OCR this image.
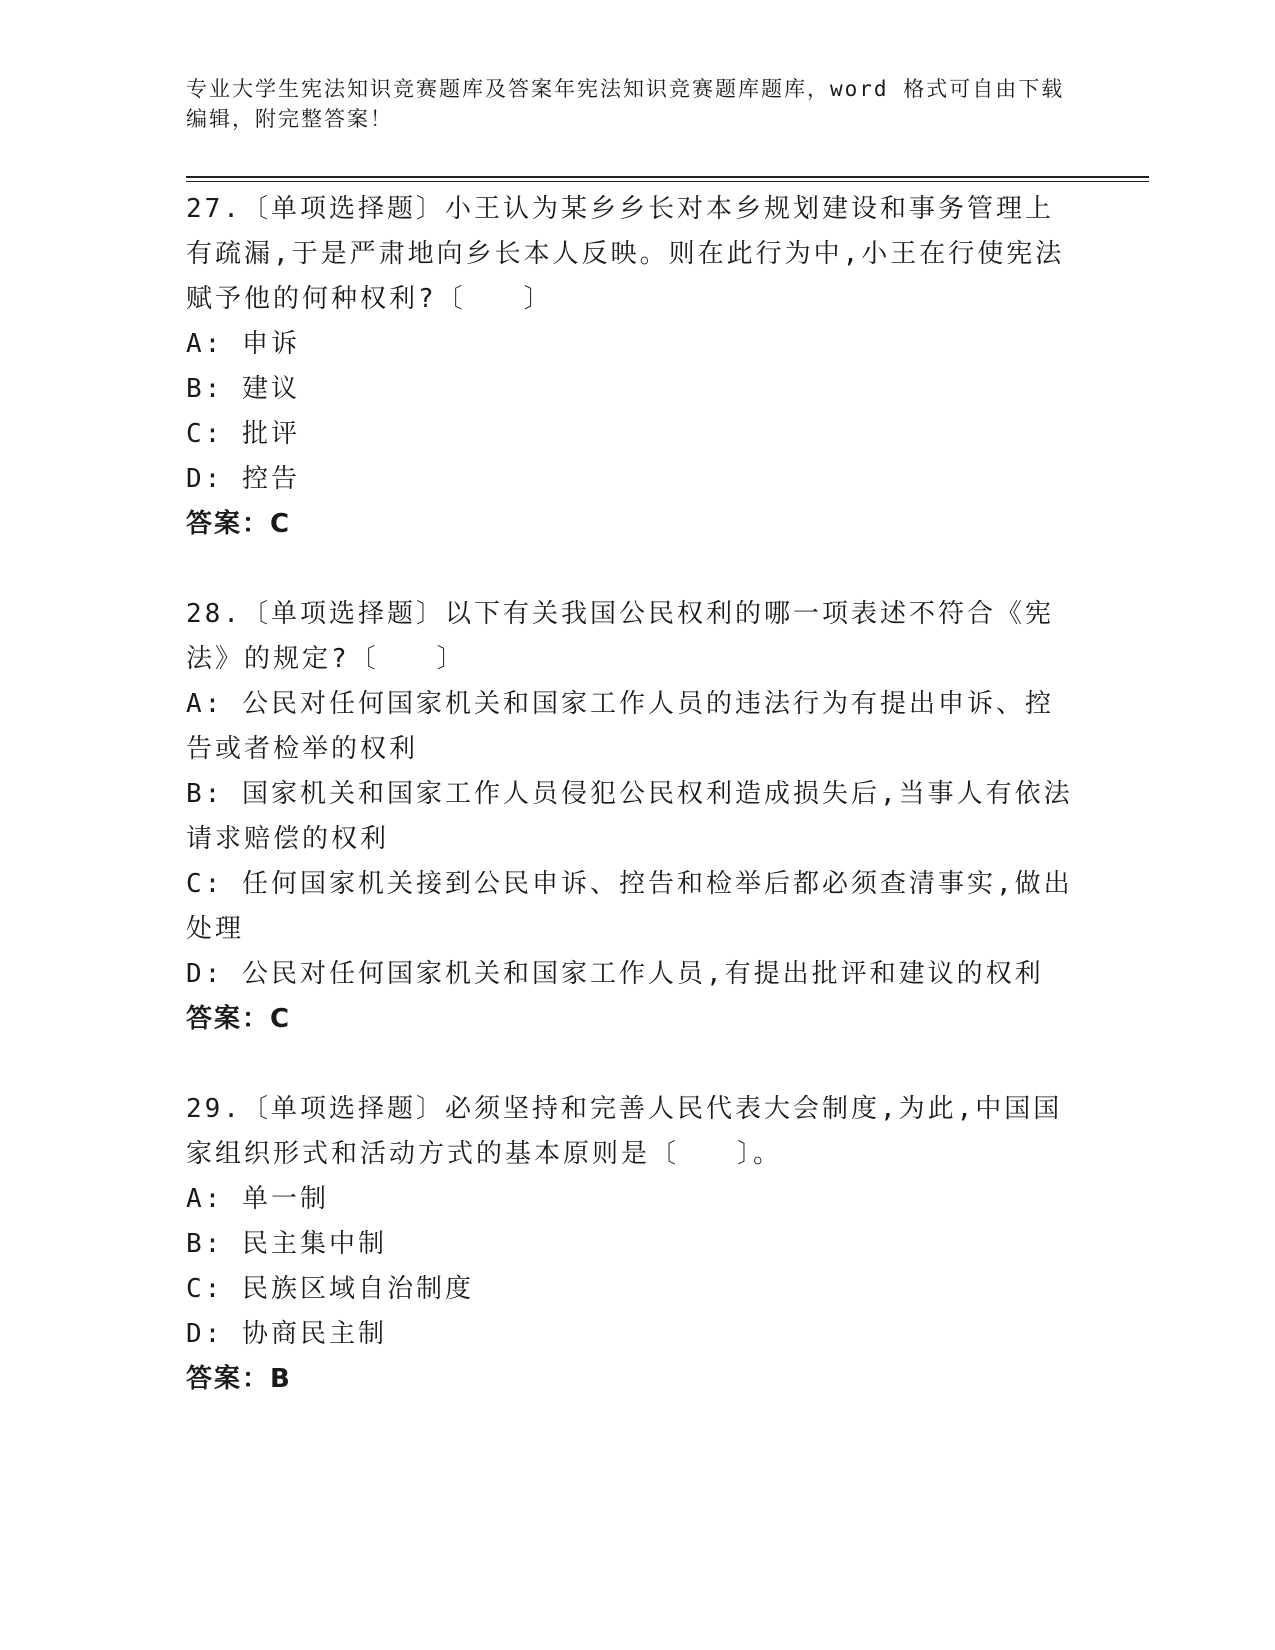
专业大学生宪法知识竞赛题库及答案年宪法知识竞赛题库题库，word 格式可自由下载编辑，附完整答案！

27.〔单项选择题〕小王认为某乡乡长对本乡规划建设和事务管理上有疏漏,于是严肃地向乡长本人反映。则在此行为中,小王在行使宪法赋予他的何种权利?〔　　〕

A: 申诉

B: 建议

C: 批评

D: 控告

答案：C

28.〔单项选择题〕以下有关我国公民权利的哪一项表述不符合《宪法》的规定?〔　　〕

A: 公民对任何国家机关和国家工作人员的违法行为有提出申诉、控告或者检举的权利

B: 国家机关和国家工作人员侵犯公民权利造成损失后,当事人有依法请求赔偿的权利

C: 任何国家机关接到公民申诉、控告和检举后都必须查清事实,做出处理

D: 公民对任何国家机关和国家工作人员,有提出批评和建议的权利

答案：C

29.〔单项选择题〕必须坚持和完善人民代表大会制度,为此,中国国家组织形式和活动方式的基本原则是〔　　〕。

A: 单一制

B: 民主集中制

C: 民族区域自治制度

D: 协商民主制

答案：B
